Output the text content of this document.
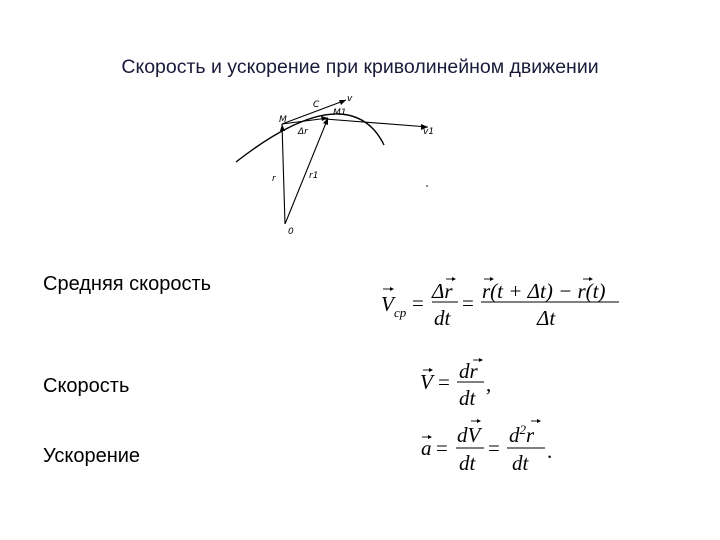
Скорость и ускорение при криволинейном движении
M
C
M1
v
v1
Δr
r	r1
0
V cp = Δr
dt
= r(t + Δt) − r(t)
Δt
V = dr
dt
,
a =
dV
dt
=
$d^2r$
dt .
Средняя скорость
Скорость
Ускорение
